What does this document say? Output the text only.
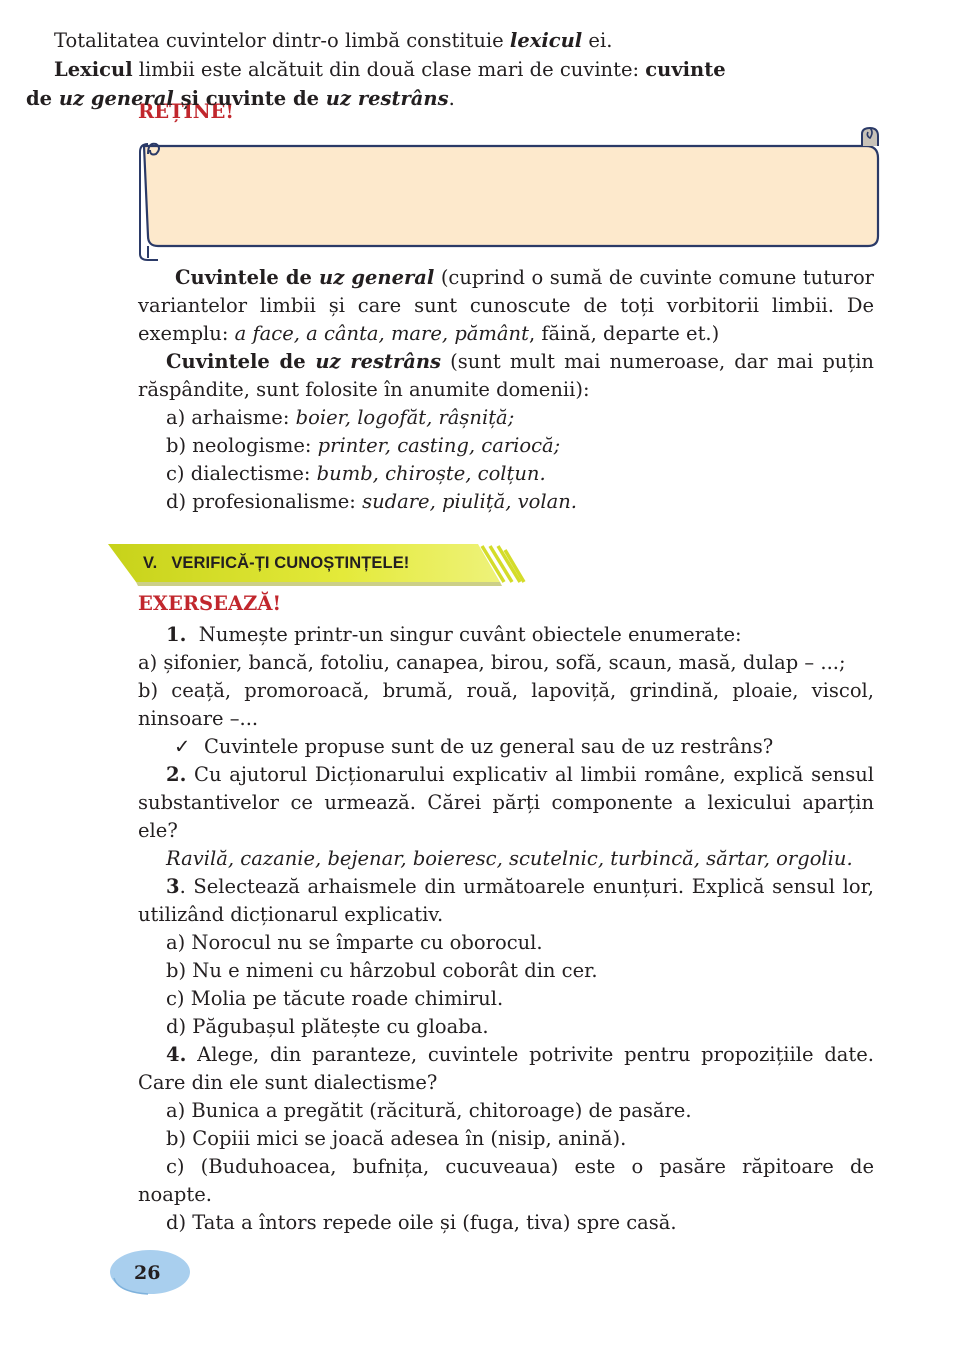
REȚINE!

Totalitatea cuvintelor dintr-o limbă constituie lexicul ei.

Lexicul limbii este alcătuit din două clase mari de cuvinte: cuvinte

de uz general și cuvinte de uz restrâns.

Cuvintele de uz general (cuprind o sumă de cuvinte comune tuturor

variantelor limbii și care sunt cunoscute de toți vorbitorii limbii. De

exemplu: a face, a cânta, mare, pământ, făină, departe et.)

Cuvintele de uz restrâns (sunt mult mai numeroase, dar mai puțin

răspândite, sunt folosite în anumite domenii):

a) arhaisme: boier, logofăt, râșniță;

b) neologisme: printer, casting, cariocă;

c) dialectisme: bumb, chiroște, colțun.

d) profesionalisme: sudare, piuliță, volan.

V.   VERIFICĂ-ȚI CUNOȘTINȚELE!
EXERSEAZĂ!

1.  Numește printr-un singur cuvânt obiectele enumerate:

a) șifonier, bancă, fotoliu, canapea, birou, sofă, scaun, masă, dulap – ...;

b) ceață, promoroacă, brumă, rouă, lapoviță, grindină, ploaie, viscol,

ninsoare –...

✓ Cuvintele propuse sunt de uz general sau de uz restrâns?

2. Cu ajutorul Dicționarului explicativ al limbii române, explică sensul

substantivelor ce urmează. Cărei părți componente a lexicului aparțin

ele?

Ravilă, cazanie, bejenar, boieresc, scutelnic, turbincă, sărtar, orgoliu.

3. Selectează arhaismele din următoarele enunțuri. Explică sensul lor,

utilizând dicționarul explicativ.

a) Norocul nu se împarte cu oborocul.

b) Nu e nimeni cu hârzobul coborât din cer.

c) Molia pe tăcute roade chimirul.

d) Păgubașul plătește cu gloaba.

4. Alege, din paranteze, cuvintele potrivite pentru propozițiile date.

Care din ele sunt dialectisme?

a) Bunica a pregătit (răcitură, chitoroage) de pasăre.

b) Copiii mici se joacă adesea în (nisip, anină).

c) (Buduhoacea, bufnița, cucuveaua) este o pasăre răpitoare de

noapte.

d) Tata a întors repede oile și (fuga, tiva) spre casă.

26
